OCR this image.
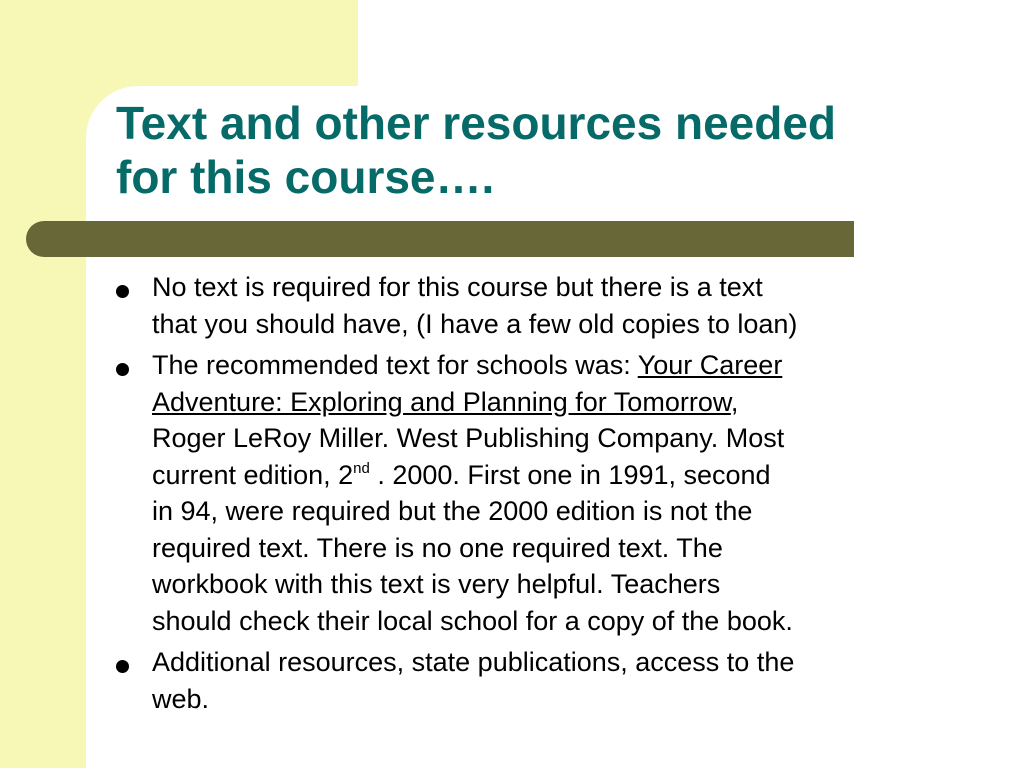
Text and other resources needed
for this course….
No text is required for this course but there is a text
that you should have, (I have a few old copies to loan)
The recommended text for schools was: Your Career
Adventure: Exploring and Planning for Tomorrow,
Roger LeRoy Miller. West Publishing Company. Most
current edition, 2nd . 2000. First one in 1991, second
in 94, were required but the 2000 edition is not the
required text. There is no one required text. The
workbook with this text is very helpful. Teachers
should check their local school for a copy of the book.
Additional resources, state publications, access to the
web.
